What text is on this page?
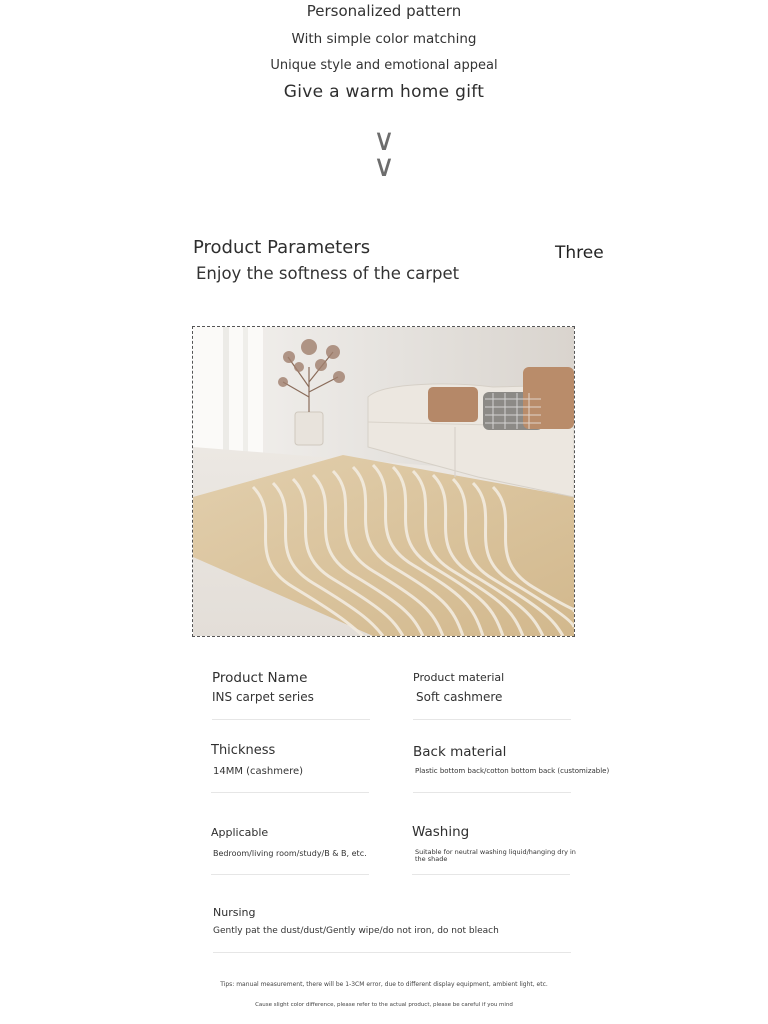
Personalized pattern
With simple color matching
Unique style and emotional appeal
Give a warm home gift
∨
∨
Product Parameters
Enjoy the softness of the carpet
Three
Product Name
INS carpet series
Product material
Soft cashmere
Thickness
14MM (cashmere)
Back material
Plastic bottom back/cotton bottom back (customizable)
Applicable
Bedroom/living room/study/B & B, etc.
Washing
Suitable for neutral washing liquid/hanging dry in the shade
Nursing
Gently pat the dust/dust/Gently wipe/do not iron, do not bleach
Tips: manual measurement, there will be 1-3CM error, due to different display equipment, ambient light, etc.
Cause slight color difference, please refer to the actual product, please be careful if you mind
